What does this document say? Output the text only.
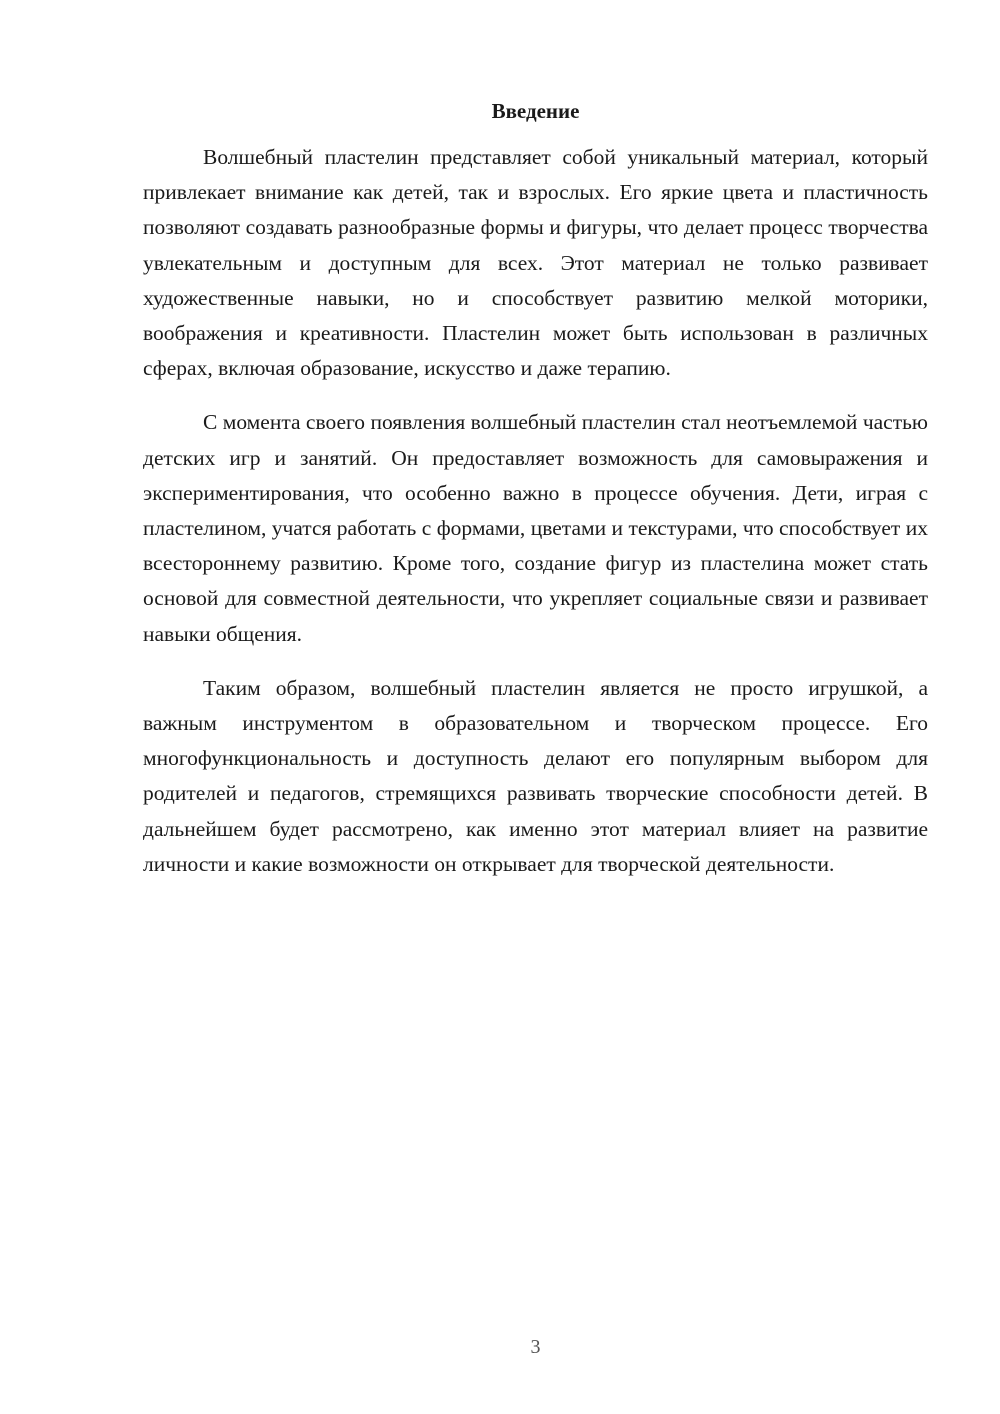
Введение

Волшебный пластелин представляет собой уникальный материал, который привлекает внимание как детей, так и взрослых. Его яркие цвета и пластичность позволяют создавать разнообразные формы и фигуры, что делает процесс творчества увлекательным и доступным для всех. Этот материал не только развивает художественные навыки, но и способствует развитию мелкой моторики, воображения и креативности. Пластелин может быть использован в различных сферах, включая образование, искусство и даже терапию.

С момента своего появления волшебный пластелин стал неотъемлемой частью детских игр и занятий. Он предоставляет возможность для самовыражения и экспериментирования, что особенно важно в процессе обучения. Дети, играя с пластелином, учатся работать с формами, цветами и текстурами, что способствует их всестороннему развитию. Кроме того, создание фигур из пластелина может стать основой для совместной деятельности, что укрепляет социальные связи и развивает навыки общения.

Таким образом, волшебный пластелин является не просто игрушкой, а важным инструментом в образовательном и творческом процессе. Его многофункциональность и доступность делают его популярным выбором для родителей и педагогов, стремящихся развивать творческие способности детей. В дальнейшем будет рассмотрено, как именно этот материал влияет на развитие личности и какие возможности он открывает для творческой деятельности.

3
